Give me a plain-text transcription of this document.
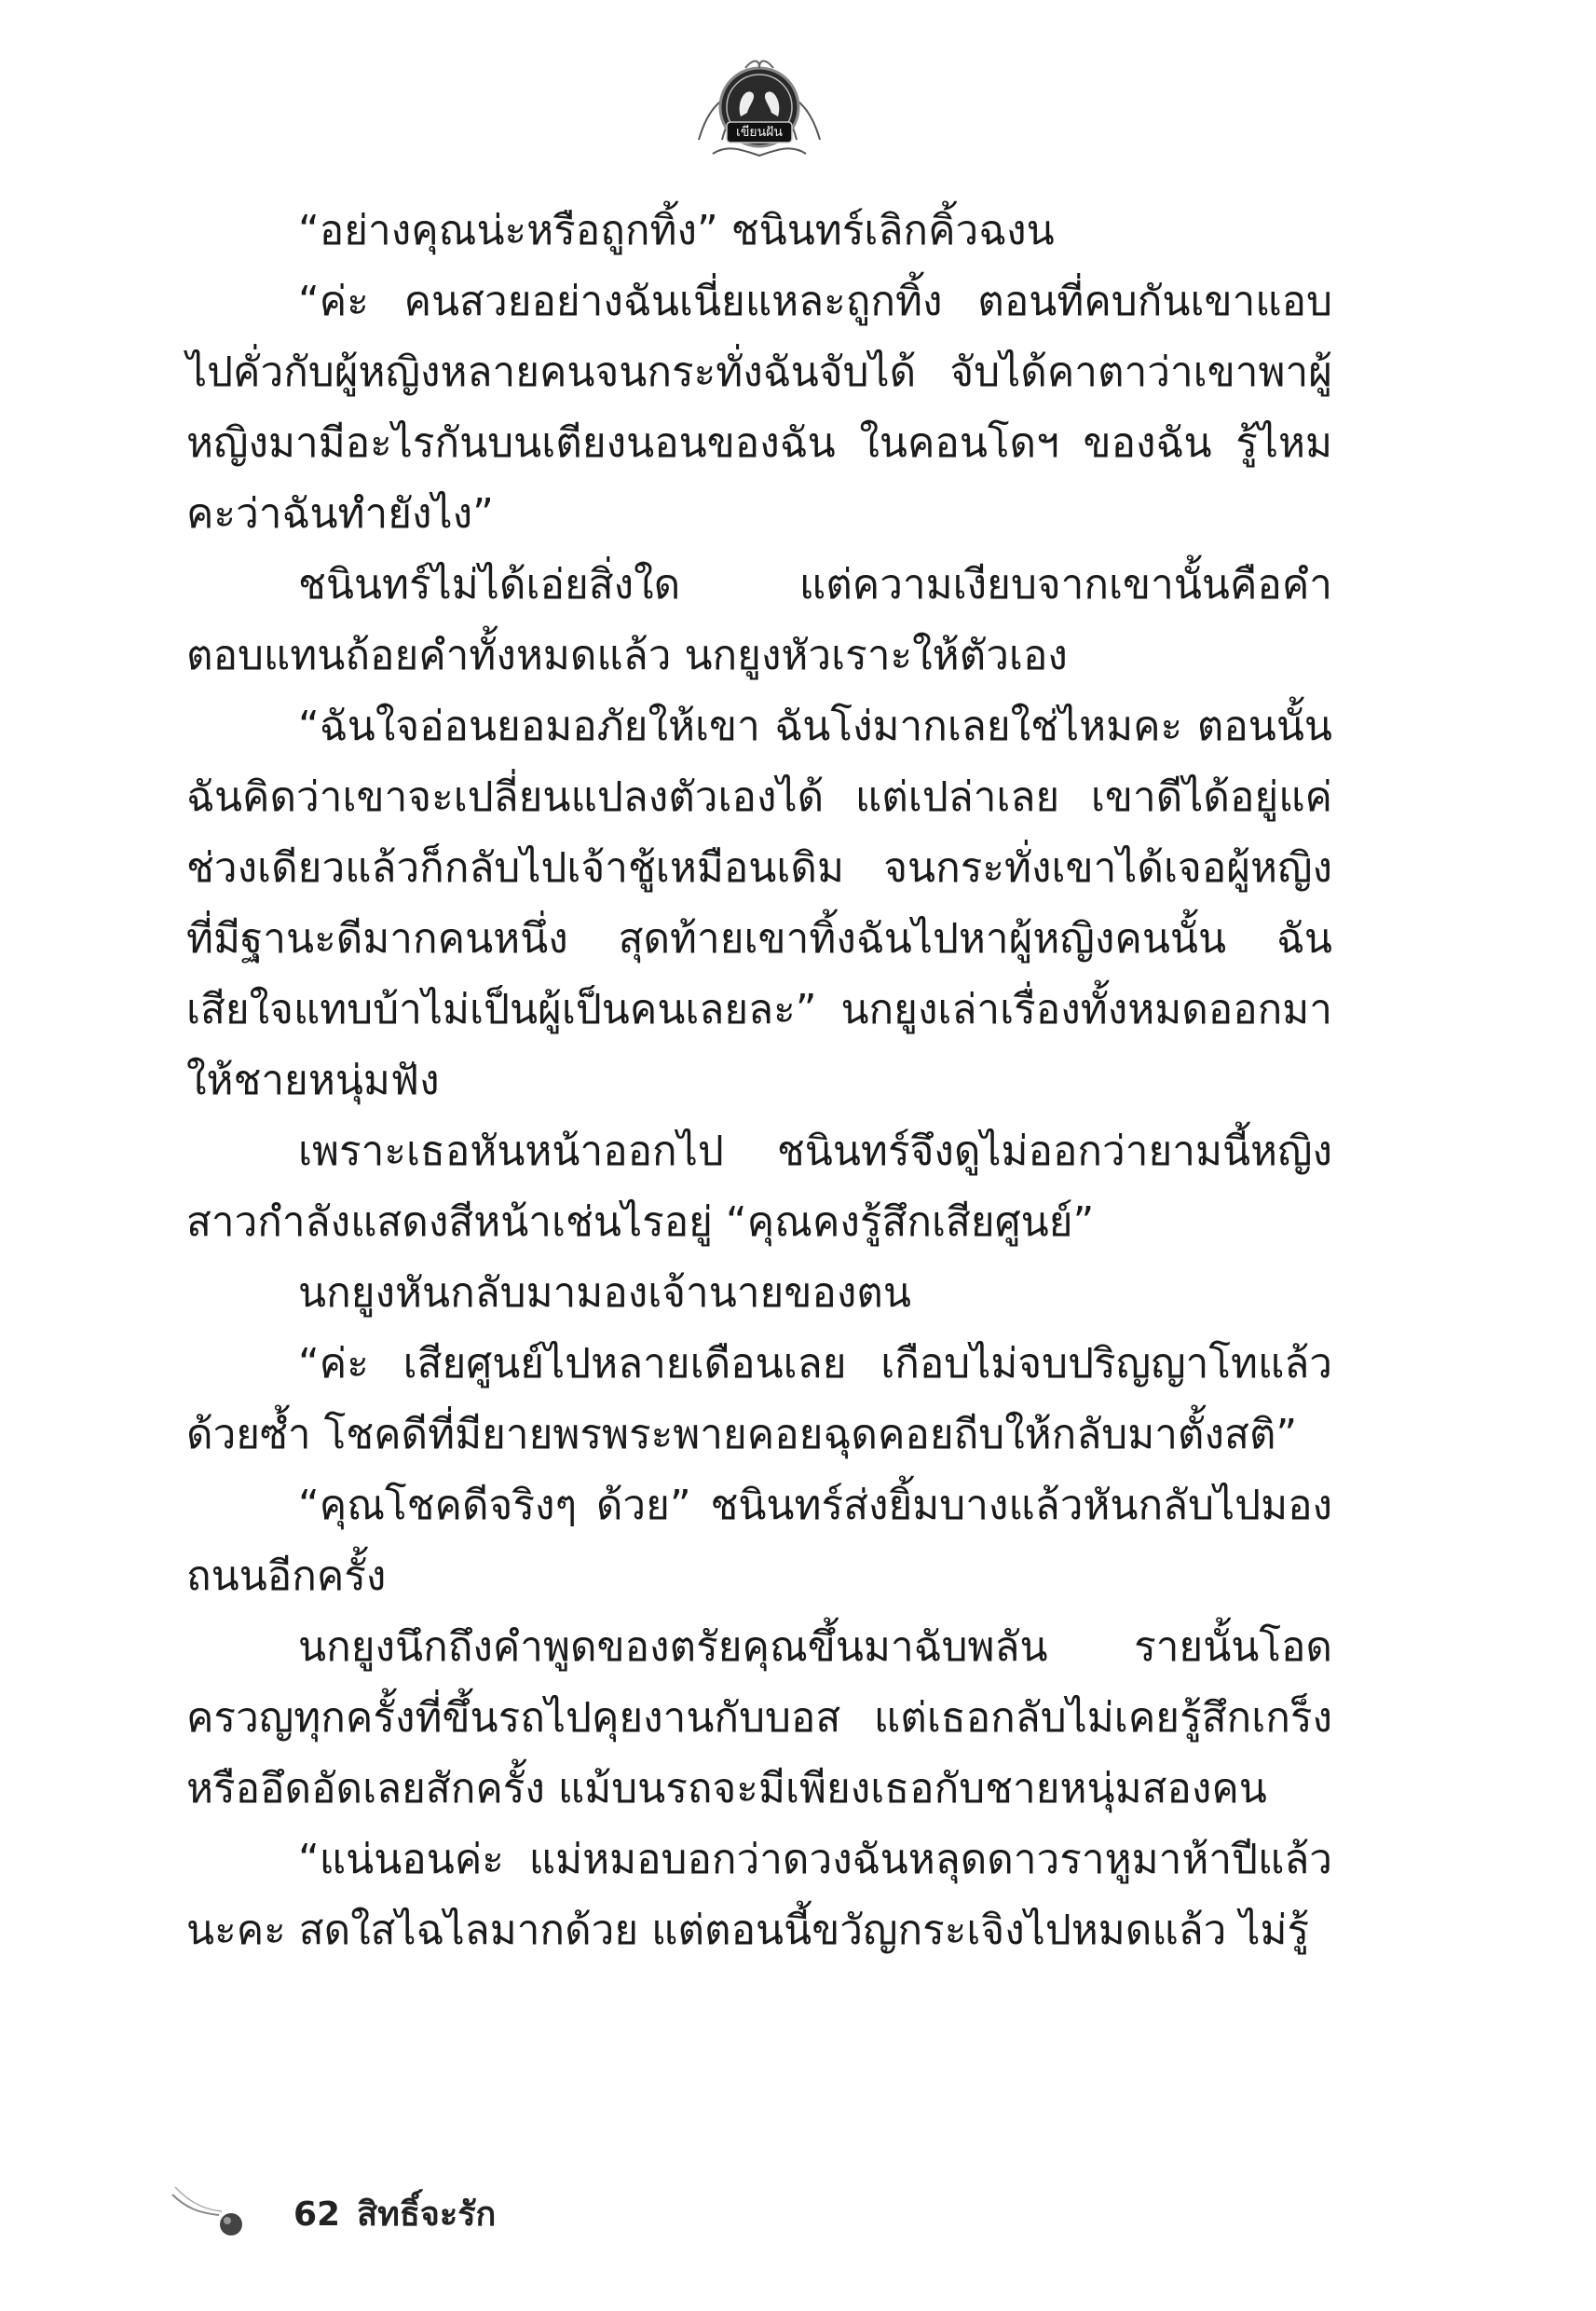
เขียนฝัน

“อย่างคุณน่ะหรือถูกทิ้ง” ชนินทร์เลิกคิ้วฉงน

“ค่ะ คนสวยอย่างฉันเนี่ยแหละถูกทิ้ง ตอนที่คบกันเขาแอบไปคั่วกับผู้หญิงหลายคนจนกระทั่งฉันจับได้ จับได้คาตาว่าเขาพาผู้หญิงมามีอะไรกันบนเตียงนอนของฉัน ในคอนโดฯ ของฉัน รู้ไหมคะว่าฉันทำยังไง”

ชนินทร์ไม่ได้เอ่ยสิ่งใด แต่ความเงียบจากเขานั้นคือคำตอบแทนถ้อยคำทั้งหมดแล้ว นกยูงหัวเราะให้ตัวเอง

“ฉันใจอ่อนยอมอภัยให้เขา ฉันโง่มากเลยใช่ไหมคะ ตอนนั้นฉันคิดว่าเขาจะเปลี่ยนแปลงตัวเองได้ แต่เปล่าเลย เขาดีได้อยู่แค่ช่วงเดียวแล้วก็กลับไปเจ้าชู้เหมือนเดิม จนกระทั่งเขาได้เจอผู้หญิงที่มีฐานะดีมากคนหนึ่ง สุดท้ายเขาทิ้งฉันไปหาผู้หญิงคนนั้น ฉันเสียใจแทบบ้าไม่เป็นผู้เป็นคนเลยละ” นกยูงเล่าเรื่องทั้งหมดออกมาให้ชายหนุ่มฟัง

เพราะเธอหันหน้าออกไป ชนินทร์จึงดูไม่ออกว่ายามนี้หญิงสาวกำลังแสดงสีหน้าเช่นไรอยู่ “คุณคงรู้สึกเสียศูนย์”

นกยูงหันกลับมามองเจ้านายของตน

“ค่ะ เสียศูนย์ไปหลายเดือนเลย เกือบไม่จบปริญญาโทแล้วด้วยซ้ำ โชคดีที่มียายพรพระพายคอยฉุดคอยถีบให้กลับมาตั้งสติ”

“คุณโชคดีจริงๆ ด้วย” ชนินทร์ส่งยิ้มบางแล้วหันกลับไปมองถนนอีกครั้ง

นกยูงนึกถึงคำพูดของตรัยคุณขึ้นมาฉับพลัน รายนั้นโอดครวญทุกครั้งที่ขึ้นรถไปคุยงานกับบอส แต่เธอกลับไม่เคยรู้สึกเกร็งหรืออึดอัดเลยสักครั้ง แม้บนรถจะมีเพียงเธอกับชายหนุ่มสองคน

“แน่นอนค่ะ แม่หมอบอกว่าดวงฉันหลุดดาวราหูมาห้าปีแล้วนะคะ สดใสไฉไลมากด้วย แต่ตอนนี้ขวัญกระเจิงไปหมดแล้ว ไม่รู้

62 สิทธิ์จะรัก
